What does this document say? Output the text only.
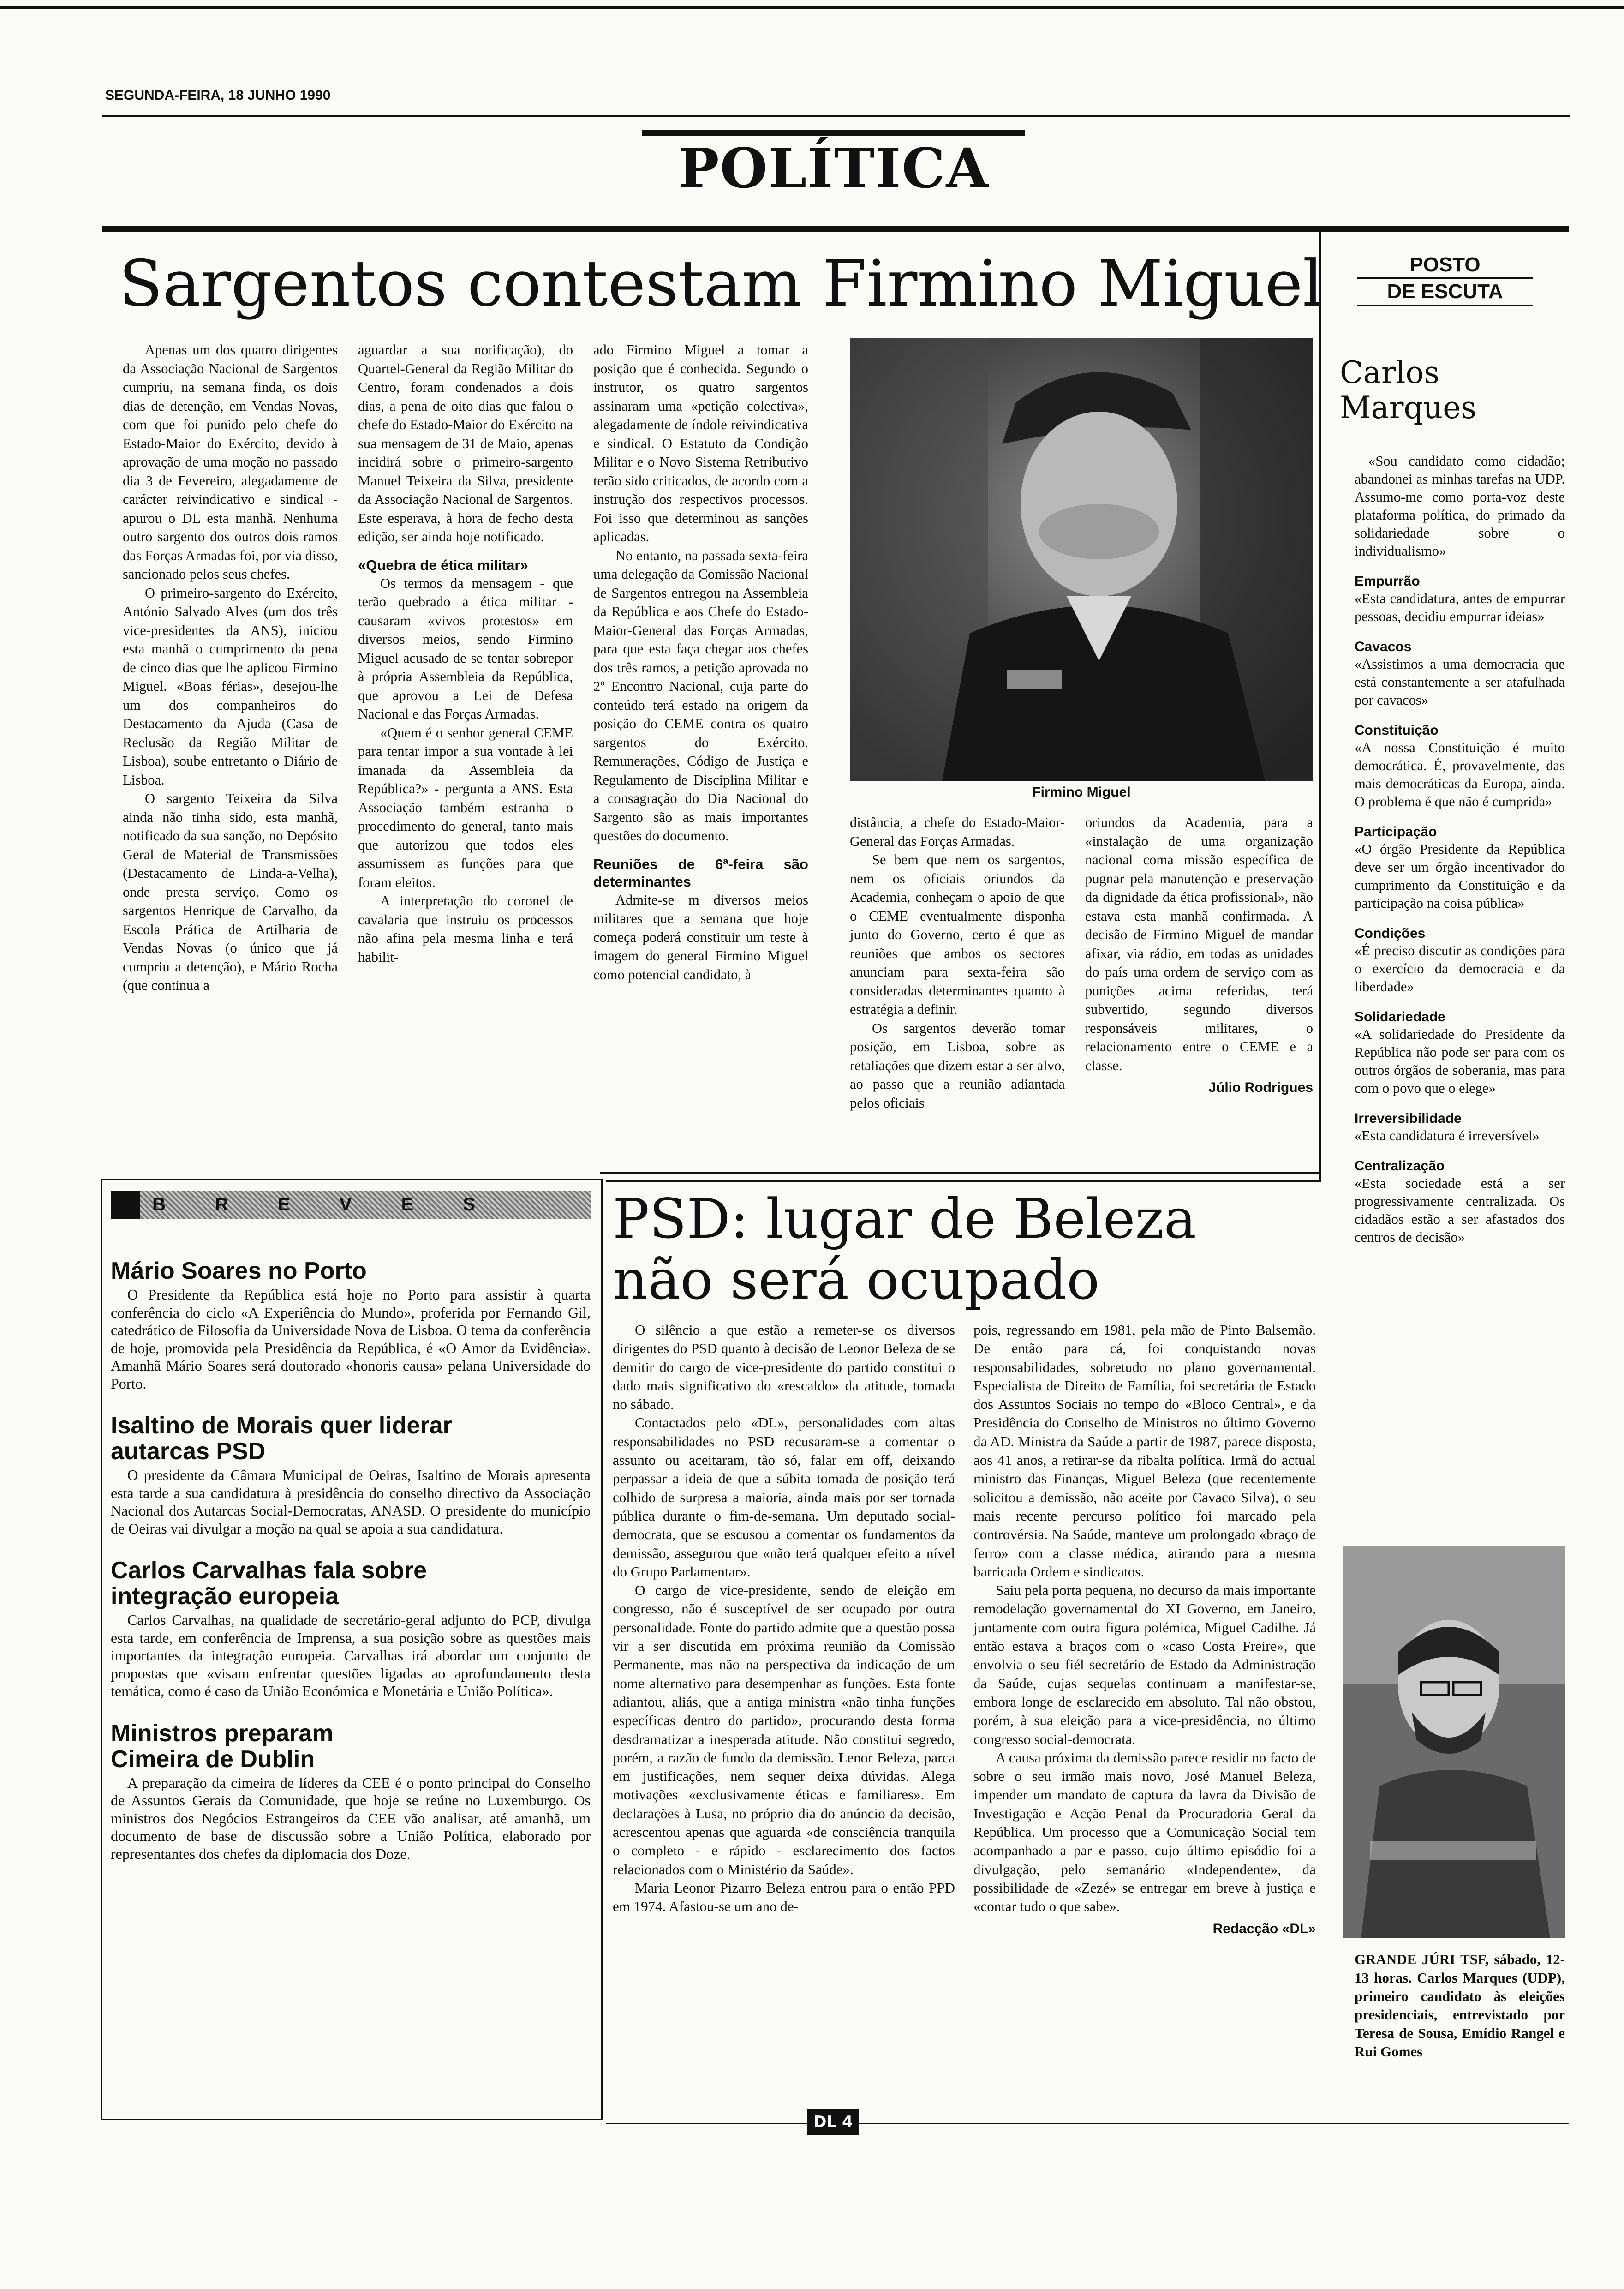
SEGUNDA-FEIRA, 18 JUNHO 1990
POLÍTICA
Sargentos contestam Firmino Miguel

Apenas um dos quatro dirigentes da Associação Nacional de Sargentos cumpriu, na semana finda, os dois dias de detenção, em Vendas Novas, com que foi punido pelo chefe do Estado-Maior do Exército, devido à aprovação de uma moção no passado dia 3 de Fevereiro, alegadamente de carácter reivindicativo e sindical - apurou o DL esta manhã. Nenhuma outro sargento dos outros dois ramos das Forças Armadas foi, por via disso, sancionado pelos seus chefes.

O primeiro-sargento do Exército, António Salvado Alves (um dos três vice-presidentes da ANS), iniciou esta manhã o cumprimento da pena de cinco dias que lhe aplicou Firmino Miguel. «Boas férias», desejou-lhe um dos companheiros do Destacamento da Ajuda (Casa de Reclusão da Região Militar de Lisboa), soube entretanto o Diário de Lisboa.

O sargento Teixeira da Silva ainda não tinha sido, esta manhã, notificado da sua sanção, no Depósito Geral de Material de Transmissões (Destacamento de Linda-a-Velha), onde presta serviço. Como os sargentos Henrique de Carvalho, da Escola Prática de Artilharia de Vendas Novas (o único que já cumpriu a detenção), e Mário Rocha (que continua a

aguardar a sua notificação), do Quartel-General da Região Militar do Centro, foram condenados a dois dias, a pena de oito dias que falou o chefe do Estado-Maior do Exército na sua mensagem de 31 de Maio, apenas incidirá sobre o primeiro-sargento Manuel Teixeira da Silva, presidente da Associação Nacional de Sargentos. Este esperava, à hora de fecho desta edição, ser ainda hoje notificado.

«Quebra de ética militar»

Os termos da mensagem - que terão quebrado a ética militar - causaram «vivos protestos» em diversos meios, sendo Firmino Miguel acusado de se tentar sobrepor à própria Assembleia da República, que aprovou a Lei de Defesa Nacional e das Forças Armadas.

«Quem é o senhor general CEME para tentar impor a sua vontade à lei imanada da Assembleia da República?» - pergunta a ANS. Esta Associação também estranha o procedimento do general, tanto mais que autorizou que todos eles assumissem as funções para que foram eleitos.

A interpretação do coronel de cavalaria que instruiu os processos não afina pela mesma linha e terá habilit-

ado Firmino Miguel a tomar a posição que é conhecida. Segundo o instrutor, os quatro sargentos assinaram uma «petição colectiva», alegadamente de índole reivindicativa e sindical. O Estatuto da Condição Militar e o Novo Sistema Retributivo terão sido criticados, de acordo com a instrução dos respectivos processos. Foi isso que determinou as sanções aplicadas.

No entanto, na passada sexta-feira uma delegação da Comissão Nacional de Sargentos entregou na Assembleia da República e aos Chefe do Estado-Maior-General das Forças Armadas, para que esta faça chegar aos chefes dos três ramos, a petição aprovada no 2º Encontro Nacional, cuja parte do conteúdo terá estado na origem da posição do CEME contra os quatro sargentos do Exército. Remunerações, Código de Justiça e Regulamento de Disciplina Militar e a consagração do Dia Nacional do Sargento são as mais importantes questões do documento.

Reuniões de 6ª-feira são determinantes

Admite-se m diversos meios militares que a semana que hoje começa poderá constituir um teste à imagem do general Firmino Miguel como potencial candidato, à

Firmino Miguel

distância, a chefe do Estado-Maior-General das Forças Armadas.

Se bem que nem os sargentos, nem os oficiais oriundos da Academia, conheçam o apoio de que o CEME eventualmente disponha junto do Governo, certo é que as reuniões que ambos os sectores anunciam para sexta-feira são consideradas determinantes quanto à estratégia a definir.

Os sargentos deverão tomar posição, em Lisboa, sobre as retaliações que dizem estar a ser alvo, ao passo que a reunião adiantada pelos oficiais

oriundos da Academia, para a «instalação de uma organização nacional coma missão específica de pugnar pela manutenção e preservação da dignidade da ética profissional», não estava esta manhã confirmada. A decisão de Firmino Miguel de mandar afixar, via rádio, em todas as unidades do país uma ordem de serviço com as punições acima referidas, terá subvertido, segundo diversos responsáveis militares, o relacionamento entre o CEME e a classe.

Júlio Rodrigues
B R E V E S

Mário Soares no Porto

O Presidente da República está hoje no Porto para assistir à quarta conferência do ciclo «A Experiência do Mundo», proferida por Fernando Gil, catedrático de Filosofia da Universidade Nova de Lisboa. O tema da conferência de hoje, promovida pela Presidência da República, é «O Amor da Evidência». Amanhã Mário Soares será doutorado «honoris causa» pelana Universidade do Porto.

Isaltino de Morais quer liderar autarcas PSD

O presidente da Câmara Municipal de Oeiras, Isaltino de Morais apresenta esta tarde a sua candidatura à presidência do conselho directivo da Associação Nacional dos Autarcas Social-Democratas, ANASD. O presidente do município de Oeiras vai divulgar a moção na qual se apoia a sua candidatura.

Carlos Carvalhas fala sobre integração europeia

Carlos Carvalhas, na qualidade de secretário-geral adjunto do PCP, divulga esta tarde, em conferência de Imprensa, a sua posição sobre as questões mais importantes da integração europeia. Carvalhas irá abordar um conjunto de propostas que «visam enfrentar questões ligadas ao aprofundamento desta temática, como é caso da União Económica e Monetária e União Política».

Ministros preparam Cimeira de Dublin

A preparação da cimeira de líderes da CEE é o ponto principal do Conselho de Assuntos Gerais da Comunidade, que hoje se reúne no Luxemburgo. Os ministros dos Negócios Estrangeiros da CEE vão analisar, até amanhã, um documento de base de discussão sobre a União Política, elaborado por representantes dos chefes da diplomacia dos Doze.

PSD: lugar de Beleza
não será ocupado

O silêncio a que estão a remeter-se os diversos dirigentes do PSD quanto à decisão de Leonor Beleza de se demitir do cargo de vice-presidente do partido constitui o dado mais significativo do «rescaldo» da atitude, tomada no sábado.

Contactados pelo «DL», personalidades com altas responsabilidades no PSD recusaram-se a comentar o assunto ou aceitaram, tão só, falar em off, deixando perpassar a ideia de que a súbita tomada de posição terá colhido de surpresa a maioria, ainda mais por ser tornada pública durante o fim-de-semana. Um deputado social-democrata, que se escusou a comentar os fundamentos da demissão, assegurou que «não terá qualquer efeito a nível do Grupo Parlamentar».

O cargo de vice-presidente, sendo de eleição em congresso, não é susceptível de ser ocupado por outra personalidade. Fonte do partido admite que a questão possa vir a ser discutida em próxima reunião da Comissão Permanente, mas não na perspectiva da indicação de um nome alternativo para desempenhar as funções. Esta fonte adiantou, aliás, que a antiga ministra «não tinha funções específicas dentro do partido», procurando desta forma desdramatizar a inesperada atitude. Não constitui segredo, porém, a razão de fundo da demissão. Lenor Beleza, parca em justificações, nem sequer deixa dúvidas. Alega motivações «exclusivamente éticas e familiares». Em declarações à Lusa, no próprio dia do anúncio da decisão, acrescentou apenas que aguarda «de consciência tranquila o completo - e rápido - esclarecimento dos factos relacionados com o Ministério da Saúde».

Maria Leonor Pizarro Beleza entrou para o então PPD em 1974. Afastou-se um ano de-

pois, regressando em 1981, pela mão de Pinto Balsemão. De então para cá, foi conquistando novas responsabilidades, sobretudo no plano governamental. Especialista de Direito de Família, foi secretária de Estado dos Assuntos Sociais no tempo do «Bloco Central», e da Presidência do Conselho de Ministros no último Governo da AD. Ministra da Saúde a partir de 1987, parece disposta, aos 41 anos, a retirar-se da ribalta política. Irmã do actual ministro das Finanças, Miguel Beleza (que recentemente solicitou a demissão, não aceite por Cavaco Silva), o seu mais recente percurso político foi marcado pela controvérsia. Na Saúde, manteve um prolongado «braço de ferro» com a classe médica, atirando para a mesma barricada Ordem e sindicatos.

Saiu pela porta pequena, no decurso da mais importante remodelação governamental do XI Governo, em Janeiro, juntamente com outra figura polémica, Miguel Cadilhe. Já então estava a braços com o «caso Costa Freire», que envolvia o seu fiél secretário de Estado da Administração da Saúde, cujas sequelas continuam a manifestar-se, embora longe de esclarecido em absoluto. Tal não obstou, porém, à sua eleição para a vice-presidência, no último congresso social-democrata.

A causa próxima da demissão parece residir no facto de sobre o seu irmão mais novo, José Manuel Beleza, impender um mandato de captura da lavra da Divisão de Investigação e Acção Penal da Procuradoria Geral da República. Um processo que a Comunicação Social tem acompanhado a par e passo, cujo último episódio foi a divulgação, pelo semanário «Independente», da possibilidade de «Zezé» se entregar em breve à justiça e «contar tudo o que sabe».

Redacção «DL»
POSTO
DE ESCUTA
Carlos
Marques

«Sou candidato como cidadão; abandonei as minhas tarefas na UDP. Assumo-me como porta-voz deste plataforma política, do primado da solidariedade sobre o individualismo»

Empurrão

«Esta candidatura, antes de empurrar pessoas, decidiu empurrar ideias»

Cavacos

«Assistimos a uma democracia que está constantemente a ser atafulhada por cavacos»

Constituição

«A nossa Constituição é muito democrática. É, provavelmente, das mais democráticas da Europa, ainda. O problema é que não é cumprida»

Participação

«O órgão Presidente da República deve ser um órgão incentivador do cumprimento da Constituição e da participação na coisa pública»

Condições

«É preciso discutir as condições para o exercício da democracia e da liberdade»

Solidariedade

«A solidariedade do Presidente da República não pode ser para com os outros órgãos de soberania, mas para com o povo que o elege»

Irreversibilidade

«Esta candidatura é irreversível»

Centralização

«Esta sociedade está a ser progressivamente centralizada. Os cidadãos estão a ser afastados dos centros de decisão»

GRANDE JÚRI TSF, sábado, 12-13 horas. Carlos Marques (UDP), primeiro candidato às eleições presidenciais, entrevistado por Teresa de Sousa, Emídio Rangel e Rui Gomes
DL 4
